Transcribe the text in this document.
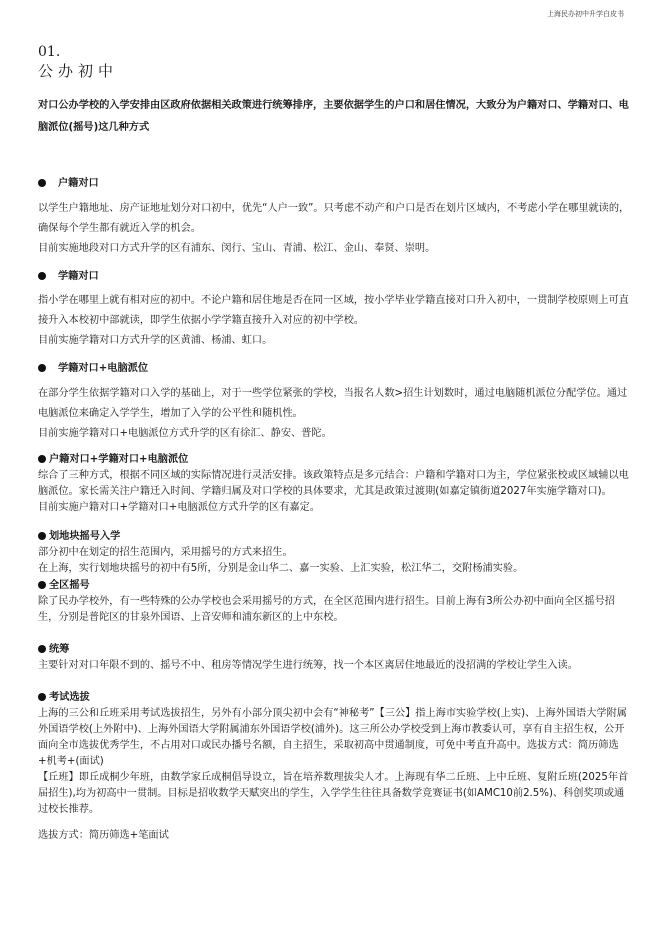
上海民办初中升学白皮书
01.
公办初中
对口公办学校的入学安排由区政府依据相关政策进行统筹排序，主要依据学生的户口和居住情况，大致分为户籍对口、学籍对口、电脑派位(摇号)这几种方式
户籍对口
以学生户籍地址、房产证地址划分对口初中，优先“人户一致”。只考虑不动产和户口是否在划片区域内，不考虑小学在哪里就读的，确保每个学生都有就近入学的机会。
目前实施地段对口方式升学的区有浦东、闵行、宝山、青浦、松江、金山、奉贤、崇明。
学籍对口
指小学在哪里上就有相对应的初中。不论户籍和居住地是否在同一区域，按小学毕业学籍直接对口升入初中，一贯制学校原则上可直接升入本校初中部就读，即学生依据小学学籍直接升入对应的初中学校。
目前实施学籍对口方式升学的区黄浦、杨浦、虹口。
学籍对口+电脑派位
在部分学生依据学籍对口入学的基础上，对于一些学位紧张的学校，当报名人数>招生计划数时，通过电脑随机派位分配学位。通过电脑派位来确定入学学生，增加了入学的公平性和随机性。
目前实施学籍对口+电脑派位方式升学的区有徐汇、静安、普陀。
户籍对口+学籍对口+电脑派位
综合了三种方式，根据不同区域的实际情况进行灵活安排。该政策特点是多元结合：户籍和学籍对口为主，学位紧张校或区域辅以电脑派位。家长需关注户籍迁入时间、学籍归属及对口学校的具体要求，尤其是政策过渡期(如嘉定镇街道2027年实施学籍对口)。
目前实施户籍对口+学籍对口+电脑派位方式升学的区有嘉定。
划地块摇号入学
部分初中在划定的招生范围内，采用摇号的方式来招生。
在上海，实行划地块摇号的初中有5所，分别是金山华二、嘉一实验、上汇实验，松江华二，交附杨浦实验。
全区摇号
除了民办学校外，有一些特殊的公办学校也会采用摇号的方式，在全区范围内进行招生。目前上海有3所公办初中面向全区摇号招生，分别是普陀区的甘泉外国语、上音安师和浦东新区的上中东校。
统筹
主要针对对口年限不到的、摇号不中、租房等情况学生进行统筹，找一个本区离居住地最近的没招满的学校让学生入读。
考试选拔
上海的三公和丘班采用考试选拔招生，另外有小部分顶尖初中会有“神秘考”【三公】指上海市实验学校(上实)、上海外国语大学附属外国语学校(上外附中)、上海外国语大学附属浦东外国语学校(浦外)。这三所公办学校受到上海市教委认可，享有自主招生权，公开面向全市选拔优秀学生，不占用对口或民办播号名额，自主招生，采取初高中贯通制度，可免中考直升高中。选拔方式：简历筛选+机考+(面试)
【丘班】即丘成桐少年班，由数学家丘成桐倡导设立，旨在培养数理拔尖人才。上海现有华二丘班、上中丘班、复附丘班(2025年首届招生),均为初高中一贯制。目标是招收数学天赋突出的学生，入学学生往往具备数学竞赛证书(如AMC10前2.5%)、科创奖项或通过校长推荐。
选拔方式：简历筛选+笔面试
